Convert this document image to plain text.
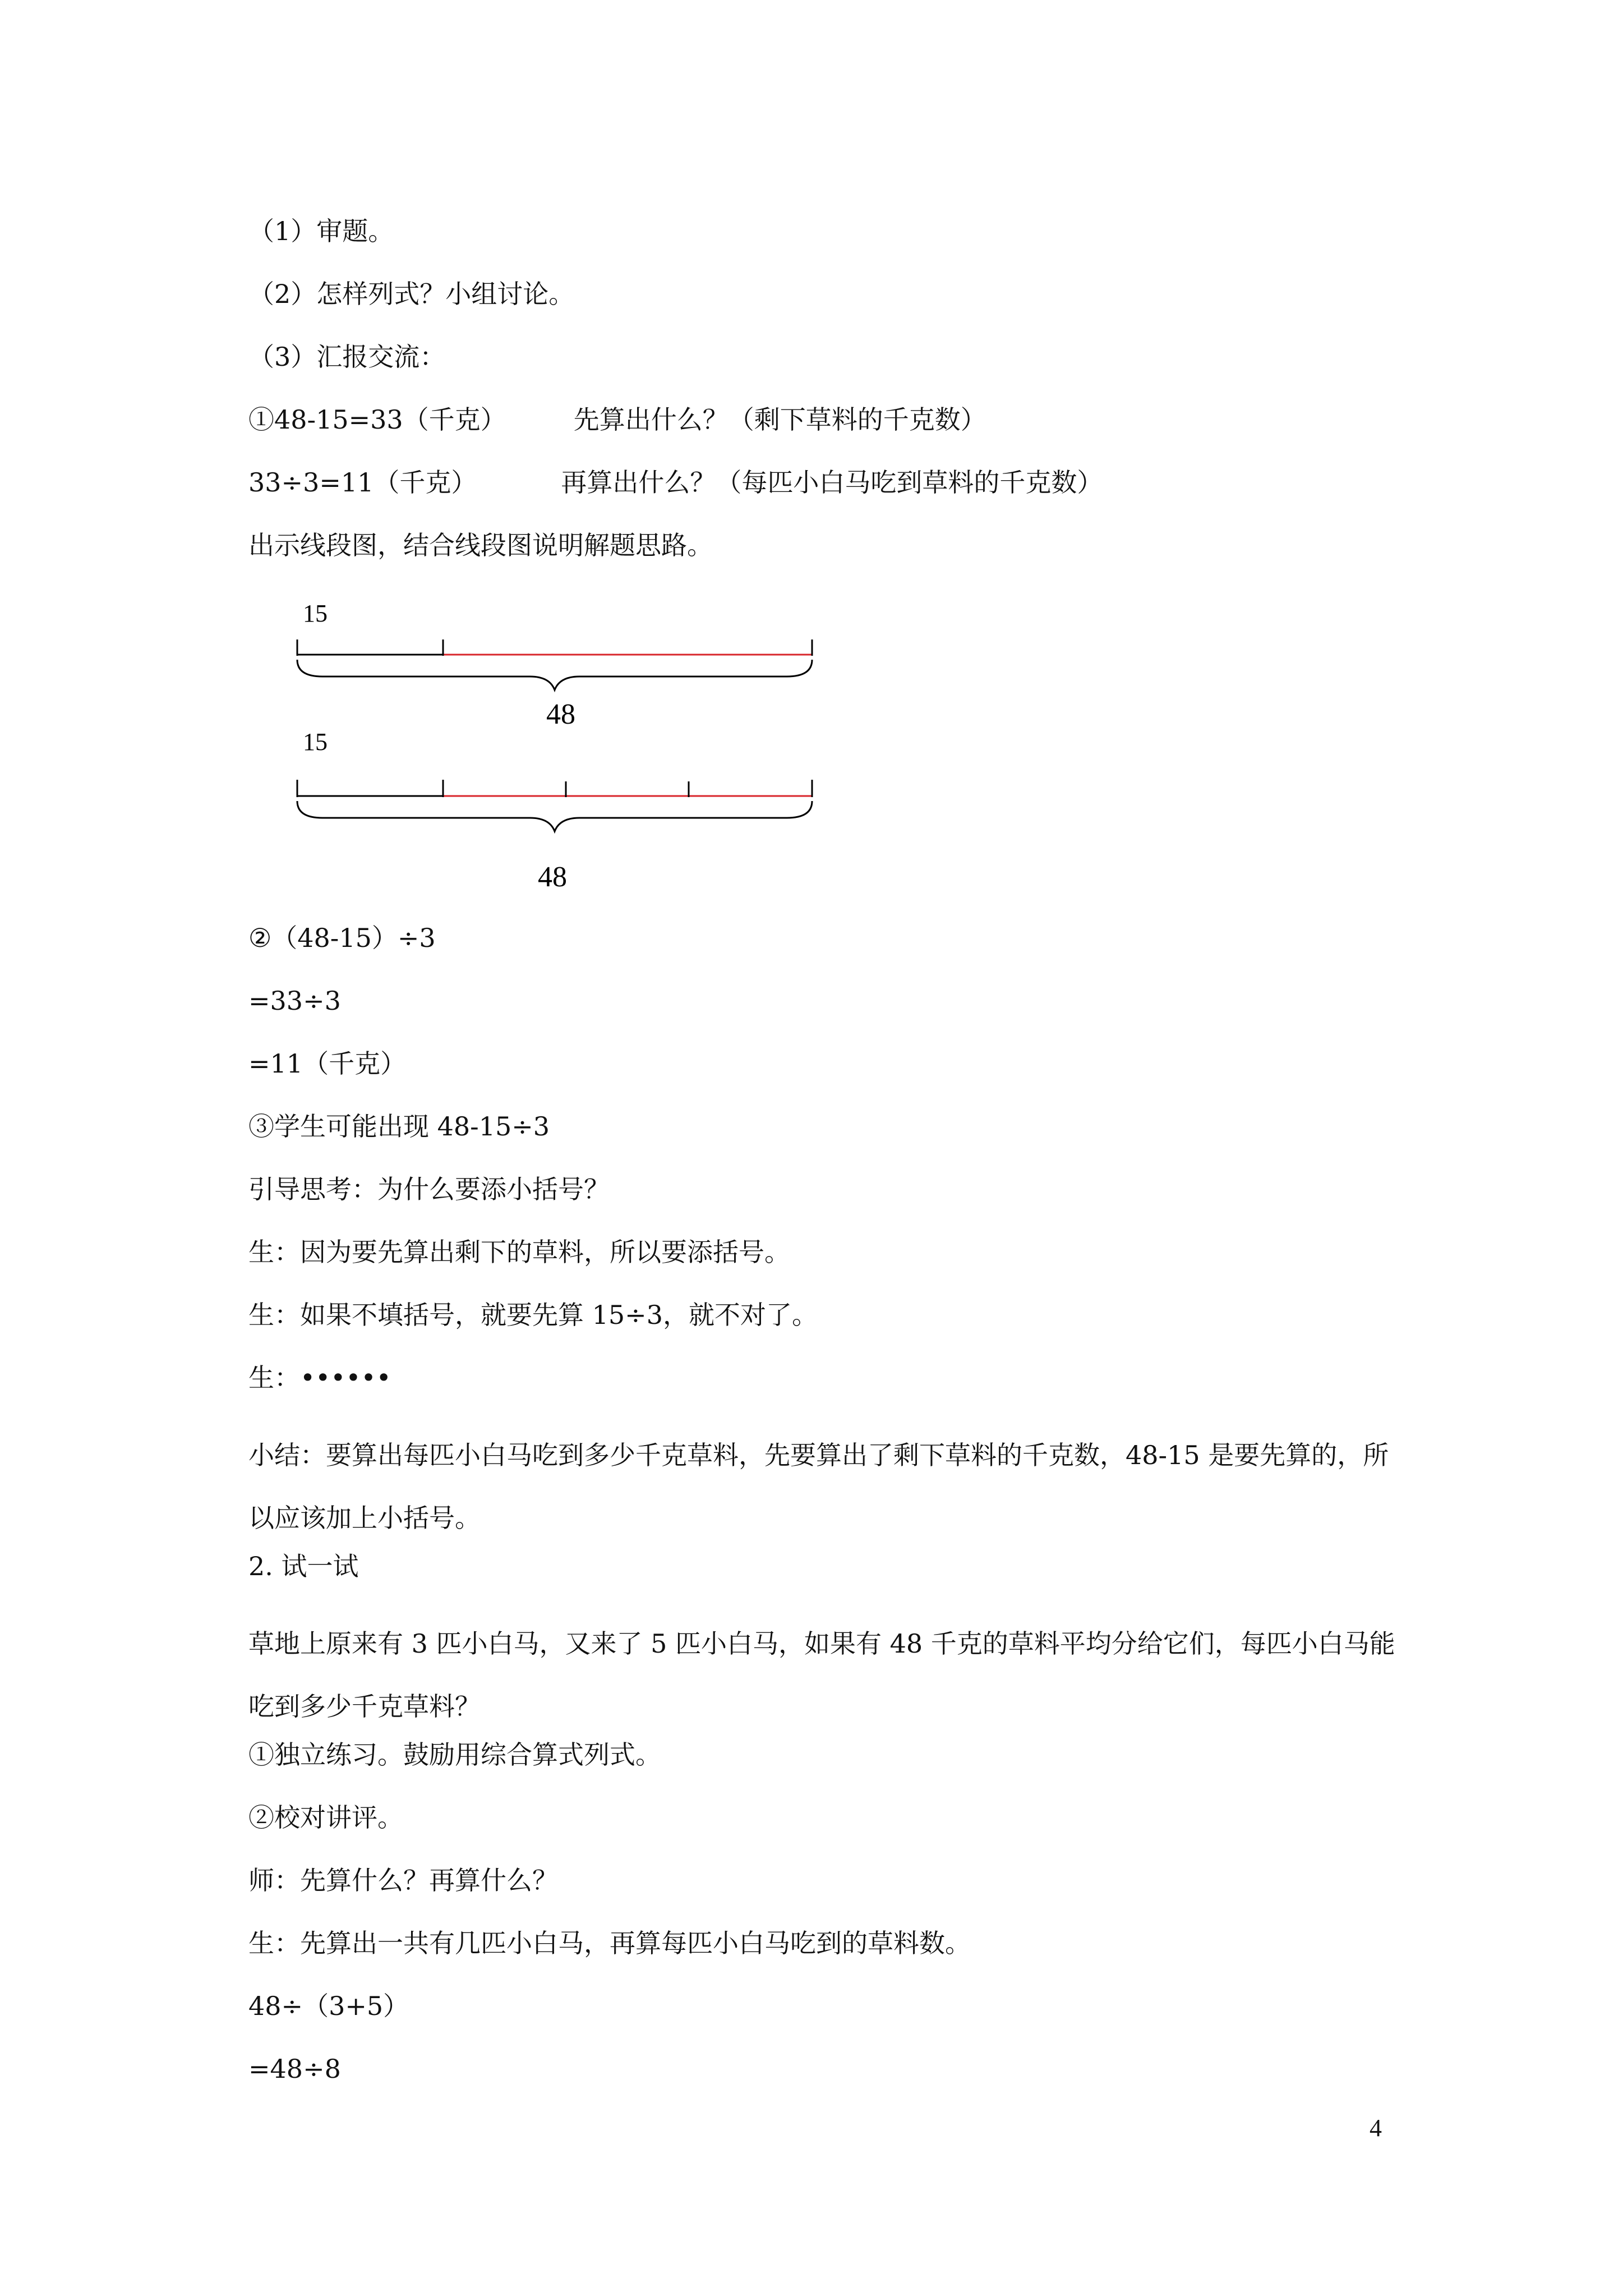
（1）审题。

（2）怎样列式？小组讨论。

（3）汇报交流：

①48-15=33（千克）	先算出什么？（剩下草料的千克数）

33÷3=11（千克）	再算出什么？（每匹小白马吃到草料的千克数）

出示线段图，结合线段图说明解题思路。

15
48
15
48

②（48-15）÷3

=33÷3

=11（千克）

③学生可能出现 48-15÷3

引导思考：为什么要添小括号？

生：因为要先算出剩下的草料，所以要添括号。

生：如果不填括号，就要先算 15÷3，就不对了。

生：••••••

小结：要算出每匹小白马吃到多少千克草料，先要算出了剩下草料的千克数，48-15 是要先算的，所以应该加上小括号。

2. 试一试

草地上原来有 3 匹小白马，又来了 5 匹小白马，如果有 48 千克的草料平均分给它们，每匹小白马能吃到多少千克草料？

①独立练习。鼓励用综合算式列式。

②校对讲评。

师：先算什么？再算什么？

生：先算出一共有几匹小白马，再算每匹小白马吃到的草料数。

48÷（3+5）

=48÷8

4
